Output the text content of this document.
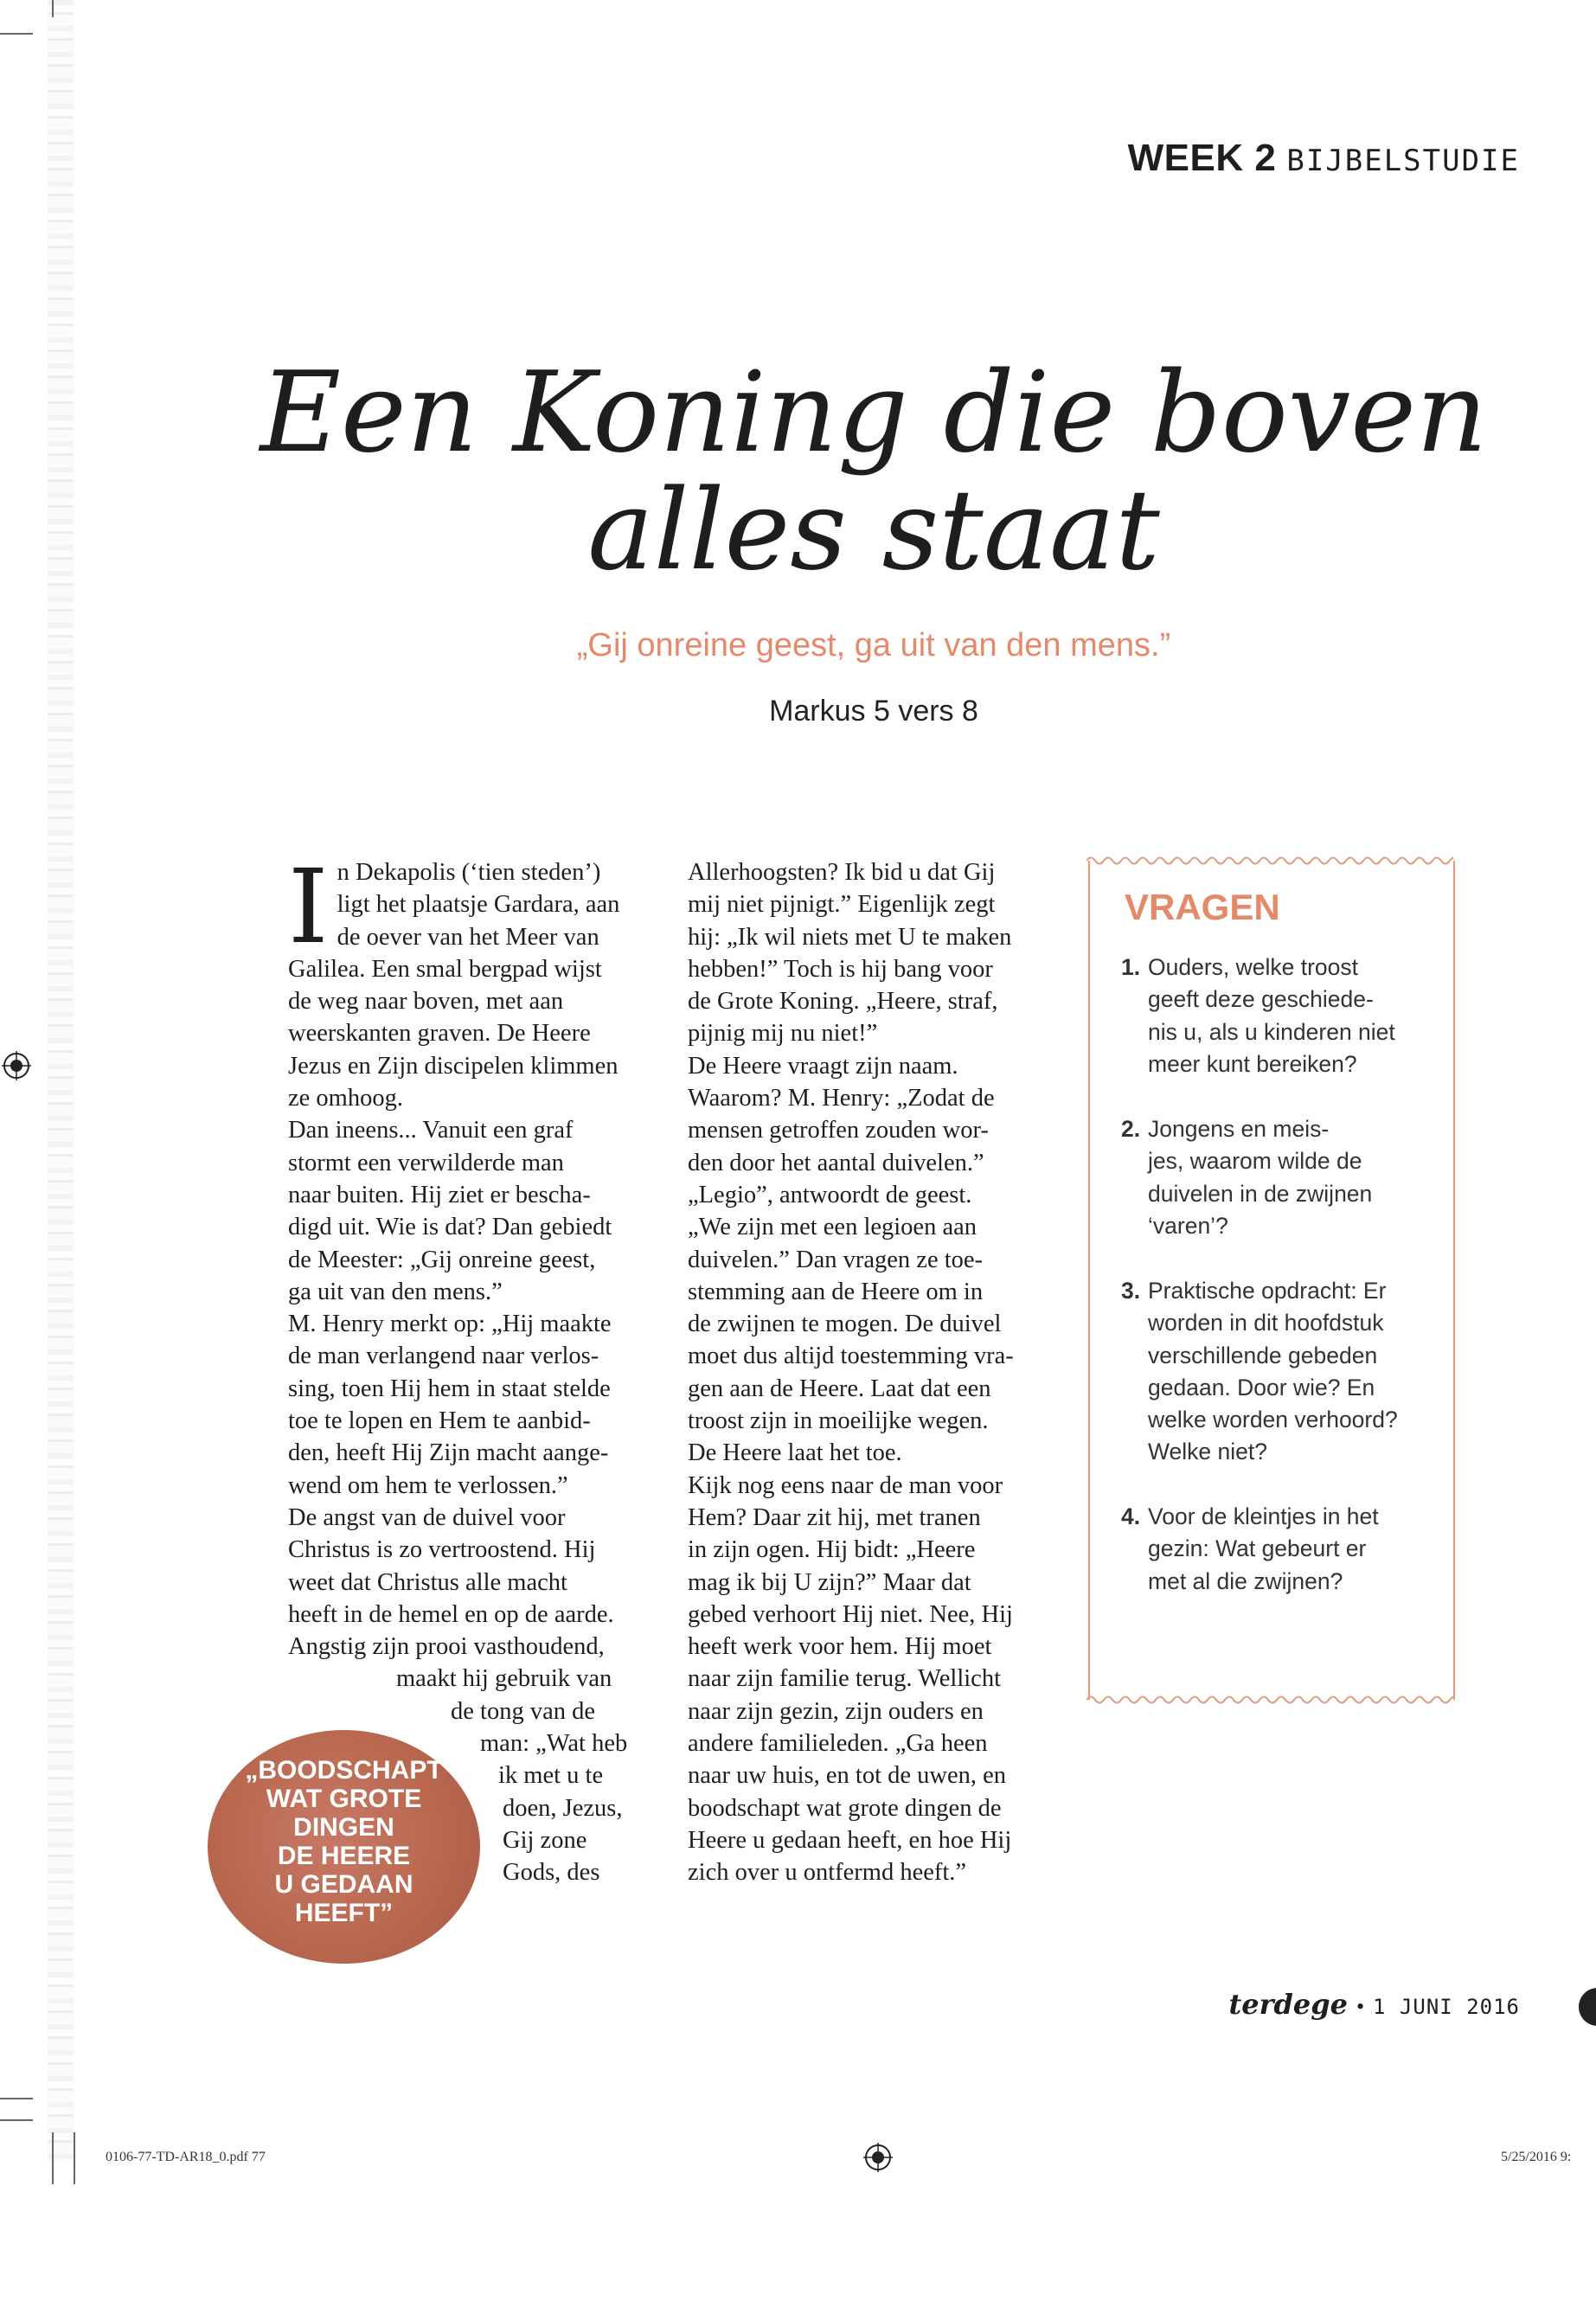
WEEK 2 BIJBELSTUDIE
Een Koning die boven
alles staat
„Gij onreine geest, ga uit van den mens.”
Markus 5 vers 8
I n Dekapolis (‘tien steden’)
ligt het plaatsje Gardara, aan
de oever van het Meer van
Galilea. Een smal bergpad wijst
de weg naar boven, met aan
weerskanten graven. De Heere
Jezus en Zijn discipelen klimmen
ze omhoog.
Dan ineens... Vanuit een graf
stormt een verwilderde man
naar buiten. Hij ziet er bescha-
digd uit. Wie is dat? Dan gebiedt
de Meester: „Gij onreine geest,
ga uit van den mens.”
M. Henry merkt op: „Hij maakte
de man verlangend naar verlos-
sing, toen Hij hem in staat stelde
toe te lopen en Hem te aanbid-
den, heeft Hij Zijn macht aange-
wend om hem te verlossen.”
De angst van de duivel voor
Christus is zo vertroostend. Hij
weet dat Christus alle macht
heeft in de hemel en op de aarde.
Angstig zijn prooi vasthoudend,
maakt hij gebruik van
de tong van de
man: „Wat heb
ik met u te
doen, Jezus,
Gij zone
Gods, des
Allerhoogsten? Ik bid u dat Gij
mij niet pijnigt.” Eigenlijk zegt
hij: „Ik wil niets met U te maken
hebben!” Toch is hij bang voor
de Grote Koning. „Heere, straf,
pijnig mij nu niet!”
De Heere vraagt zijn naam.
Waarom? M. Henry: „Zodat de
mensen getroffen zouden wor-
den door het aantal duivelen.”
„Legio”, antwoordt de geest.
„We zijn met een legioen aan
duivelen.” Dan vragen ze toe-
stemming aan de Heere om in
de zwijnen te mogen. De duivel
moet dus altijd toestemming vra-
gen aan de Heere. Laat dat een
troost zijn in moeilijke wegen.
De Heere laat het toe.
Kijk nog eens naar de man voor
Hem? Daar zit hij, met tranen
in zijn ogen. Hij bidt: „Heere
mag ik bij U zijn?” Maar dat
gebed verhoort Hij niet. Nee, Hij
heeft werk voor hem. Hij moet
naar zijn familie terug. Wellicht
naar zijn gezin, zijn ouders en
andere familieleden. „Ga heen
naar uw huis, en tot de uwen, en
boodschapt wat grote dingen de
Heere u gedaan heeft, en hoe Hij
zich over u ontfermd heeft.”
„BOODSCHAPT
WAT GROTE
DINGEN
DE HEERE
U GEDAAN
HEEFT”
VRAGEN
1. Ouders, welke troost
geeft deze geschiede-
nis u, als u kinderen niet
meer kunt bereiken?
2. Jongens en meis-
jes, waarom wilde de
duivelen in de zwijnen
‘varen’?
3. Praktische opdracht: Er
worden in dit hoofdstuk
verschillende gebeden
gedaan. Door wie? En
welke worden verhoord?
Welke niet?
4. Voor de kleintjes in het
gezin: Wat gebeurt er
met al die zwijnen?
terdege • 1 JUNI 2016
0106-77-TD-AR18_0.pdf 77	5/25/2016 9:
